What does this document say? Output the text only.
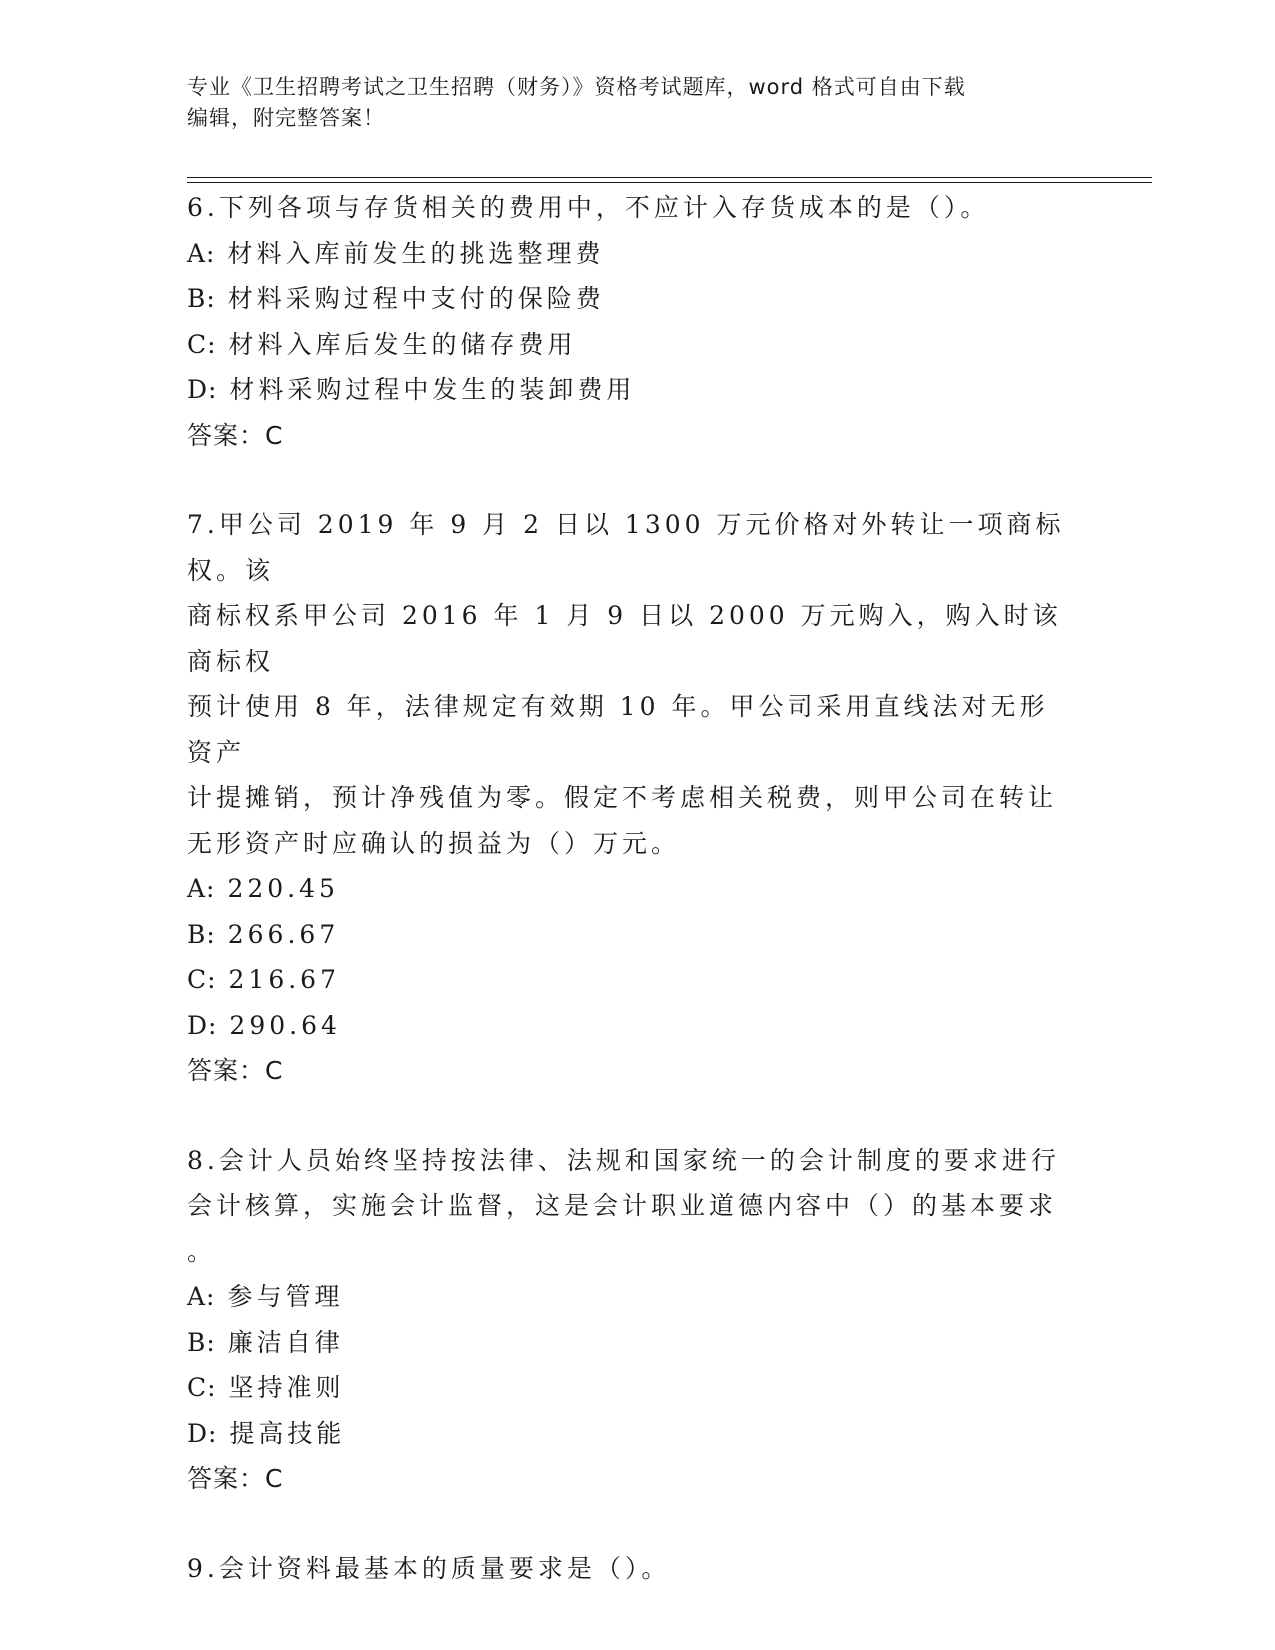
专业《卫生招聘考试之卫生招聘（财务）》资格考试题库，word 格式可自由下载
编辑，附完整答案！

6.下列各项与存货相关的费用中，不应计入存货成本的是（）。

A: 材料入库前发生的挑选整理费

B: 材料采购过程中支付的保险费

C: 材料入库后发生的储存费用

D: 材料采购过程中发生的装卸费用

答案：C

7.甲公司 2019 年 9 月 2 日以 1300 万元价格对外转让一项商标权。该

商标权系甲公司 2016 年 1 月 9 日以 2000 万元购入，购入时该商标权

预计使用 8 年，法律规定有效期 10 年。甲公司采用直线法对无形资产

计提摊销，预计净残值为零。假定不考虑相关税费，则甲公司在转让

无形资产时应确认的损益为（）万元。

A: 220.45

B: 266.67

C: 216.67

D: 290.64

答案：C

8.会计人员始终坚持按法律、法规和国家统一的会计制度的要求进行

会计核算，实施会计监督，这是会计职业道德内容中（）的基本要求

。

A: 参与管理

B: 廉洁自律

C: 坚持准则

D: 提高技能

答案：C

9.会计资料最基本的质量要求是（）。
